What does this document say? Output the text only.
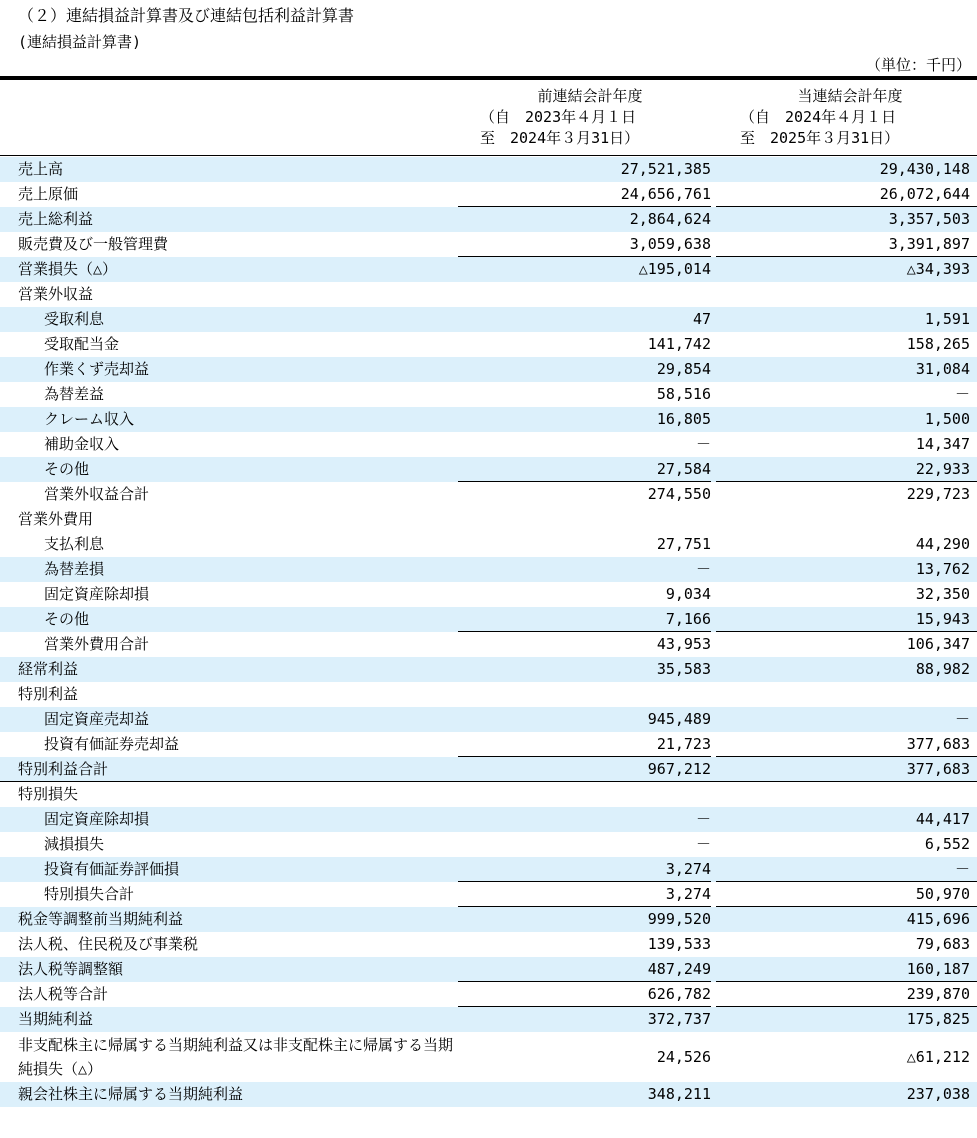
（２）連結損益計算書及び連結包括利益計算書
(連結損益計算書)
（単位：千円）
前連結会計年度
（自　2023年４月１日
至　2024年３月31日）
当連結会計年度
（自　2024年４月１日
至　2025年３月31日）
売上高	27,521,385	29,430,148
売上原価	24,656,761	26,072,644
売上総利益	2,864,624	3,357,503
販売費及び一般管理費	3,059,638	3,391,897
営業損失（△）	△195,014	△34,393
営業外収益
受取利息	47	1,591
受取配当金	141,742	158,265
作業くず売却益	29,854	31,084
為替差益	58,516	－
クレーム収入	16,805	1,500
補助金収入	－	14,347
その他	27,584	22,933
営業外収益合計	274,550	229,723
営業外費用
支払利息	27,751	44,290
為替差損	－	13,762
固定資産除却損	9,034	32,350
その他	7,166	15,943
営業外費用合計	43,953	106,347
経常利益	35,583	88,982
特別利益
固定資産売却益	945,489	－
投資有価証券売却益	21,723	377,683
特別利益合計	967,212	377,683
特別損失
固定資産除却損	－	44,417
減損損失	－	6,552
投資有価証券評価損	3,274	－
特別損失合計	3,274	50,970
税金等調整前当期純利益	999,520	415,696
法人税、住民税及び事業税	139,533	79,683
法人税等調整額	487,249	160,187
法人税等合計	626,782	239,870
当期純利益	372,737	175,825
非支配株主に帰属する当期純利益又は非支配株主に帰属する当期純損失（△）
24,526	△61,212
親会社株主に帰属する当期純利益	348,211	237,038
